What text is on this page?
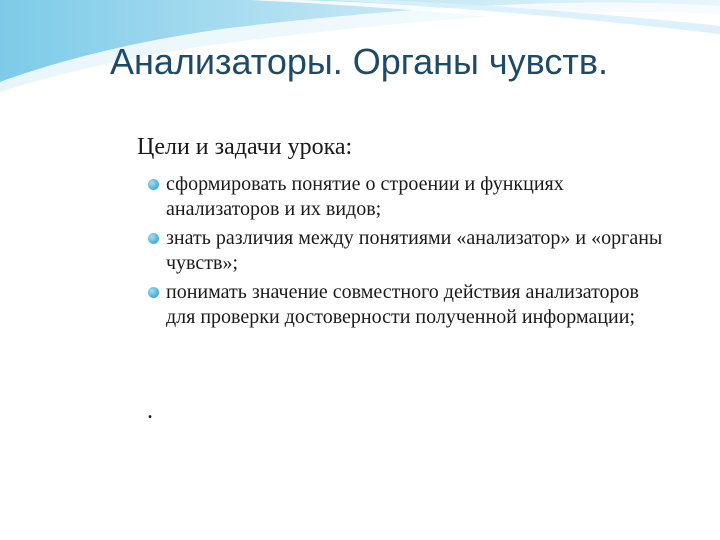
Анализаторы. Органы чувств.
Цели и задачи урока:
сформировать понятие о строении и функциях анализаторов и их видов;
знать различия между понятиями «анализатор» и «органы чувств»;
понимать значение совместного действия анализаторов для проверки достоверности полученной информации;
.
